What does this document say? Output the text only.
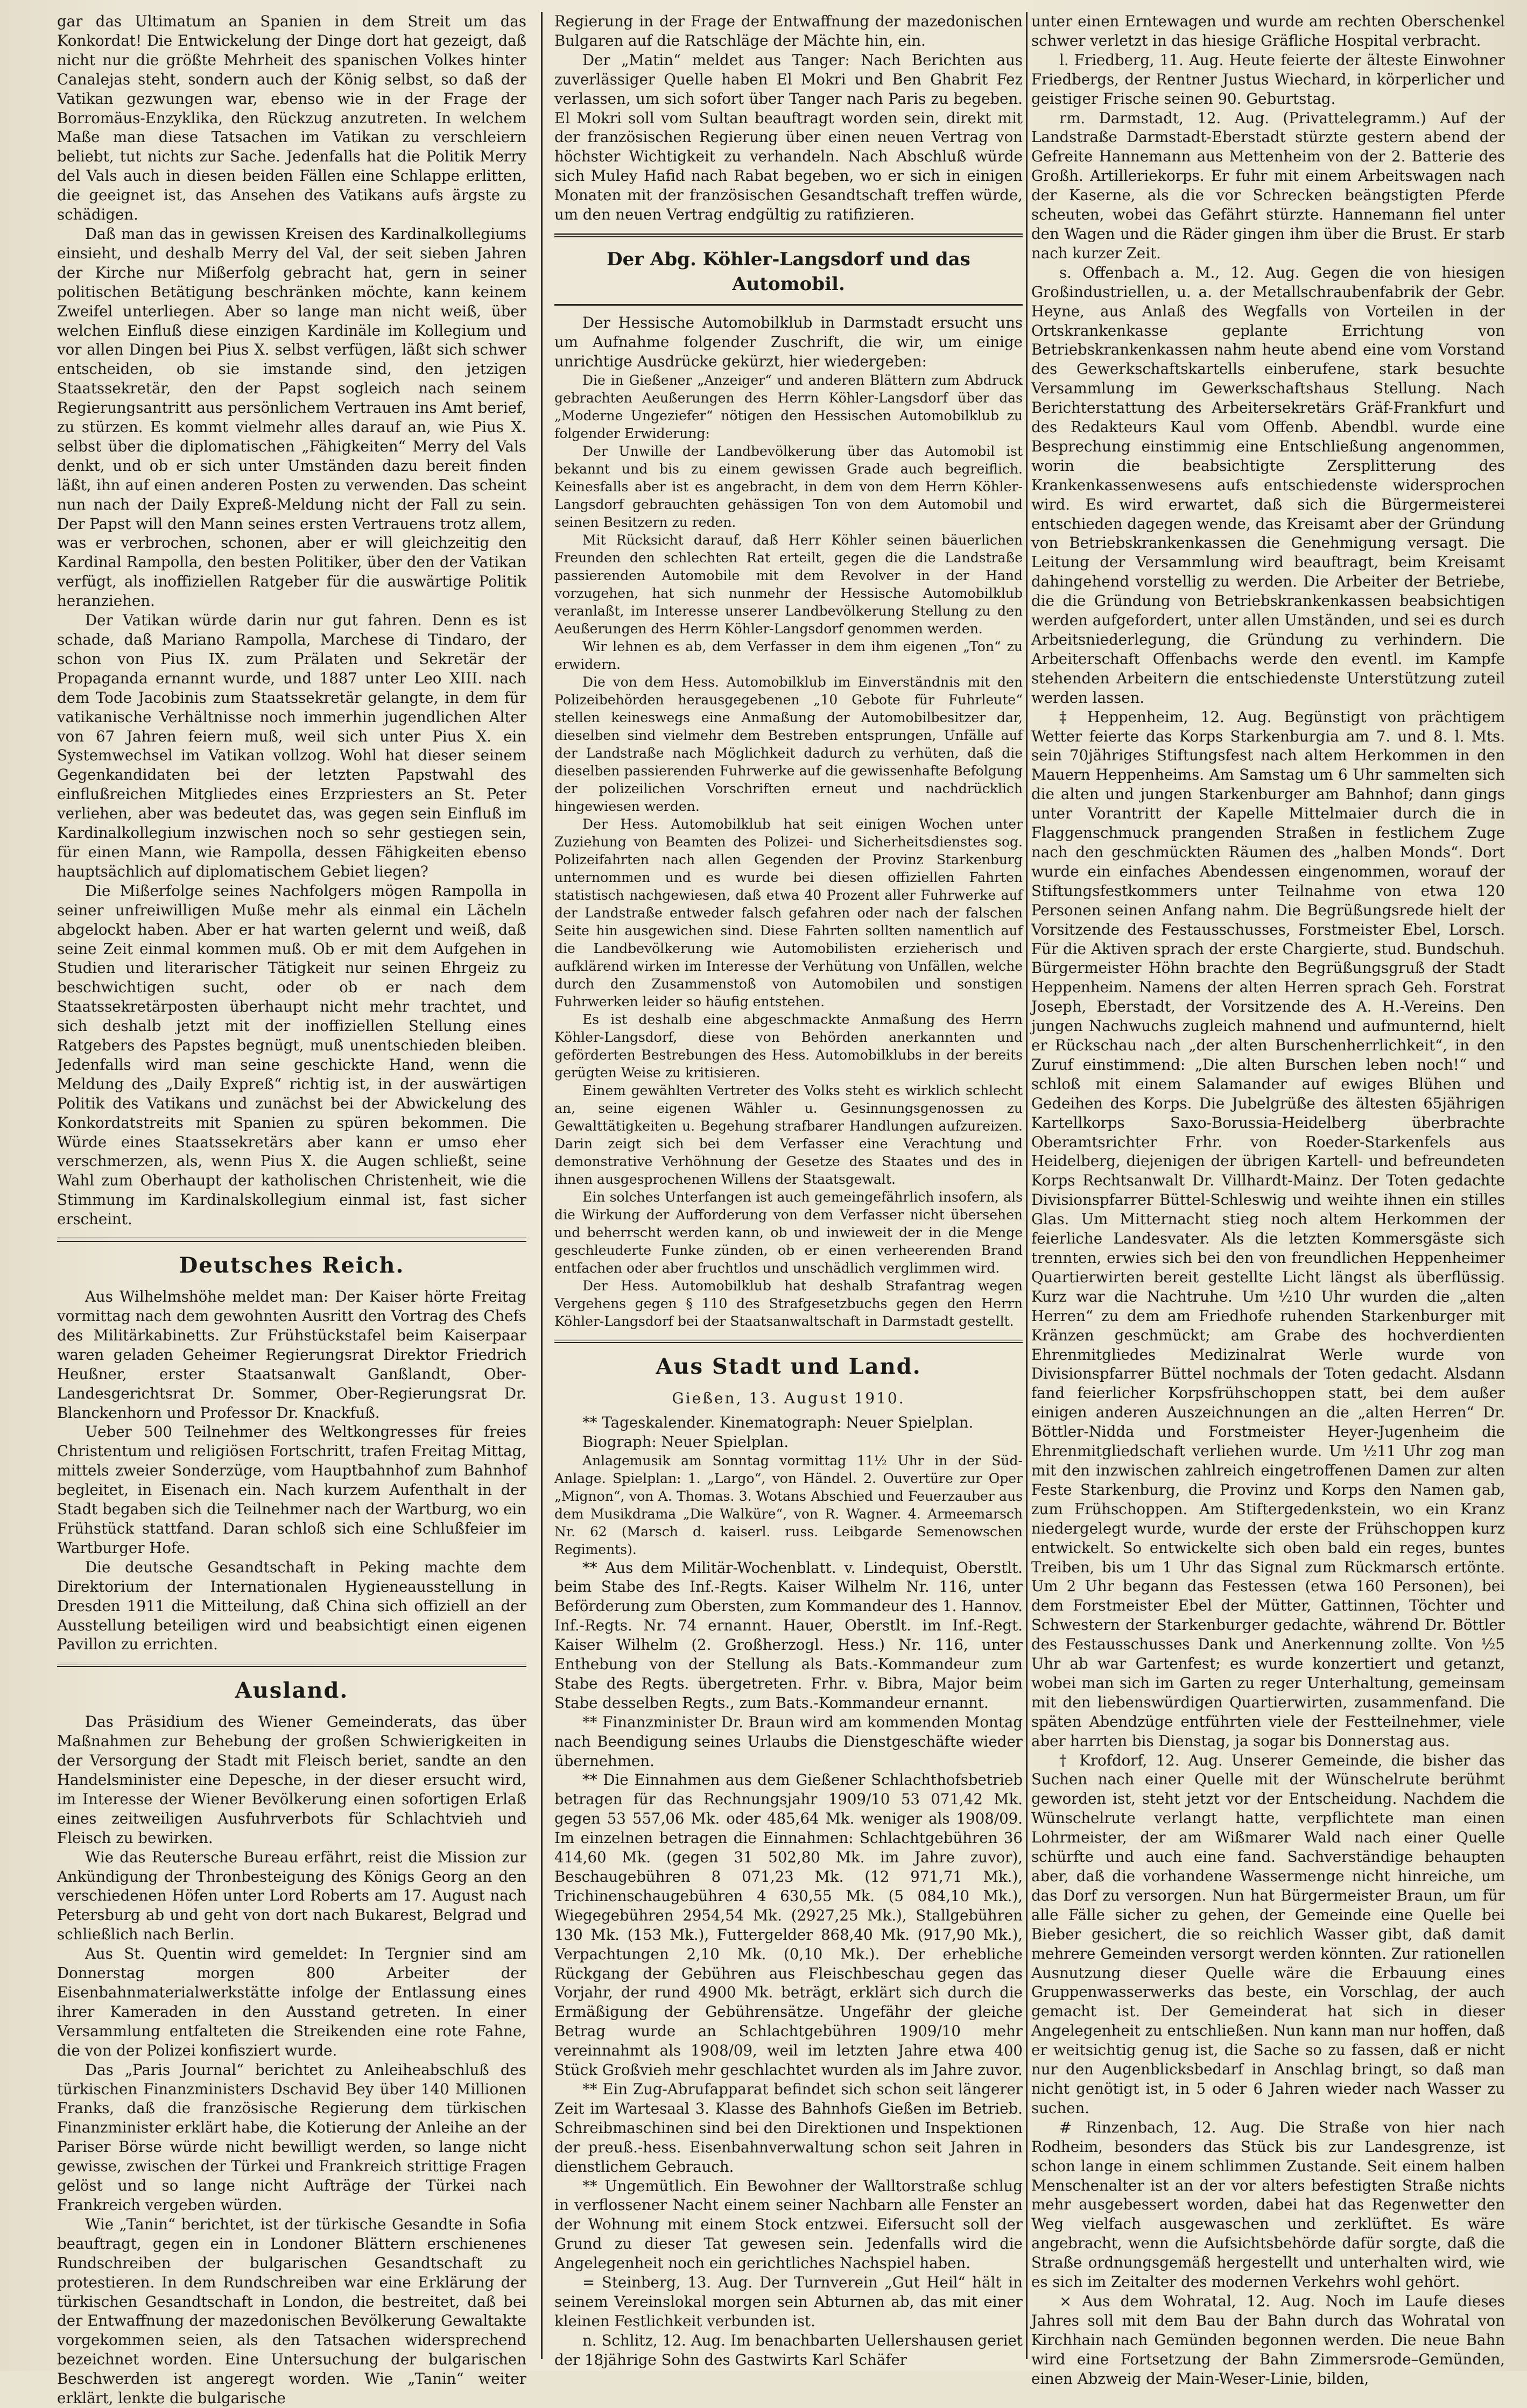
gar das Ultimatum an Spanien in dem Streit um das Konkordat! Die Entwickelung der Dinge dort hat gezeigt, daß nicht nur die größte Mehrheit des spanischen Volkes hinter Canalejas steht, sondern auch der König selbst, so daß der Vatikan gezwungen war, ebenso wie in der Frage der Borromäus-Enzyklika, den Rückzug anzutreten. In welchem Maße man diese Tatsachen im Vatikan zu verschleiern beliebt, tut nichts zur Sache. Jedenfalls hat die Politik Merry del Vals auch in diesen beiden Fällen eine Schlappe erlitten, die geeignet ist, das Ansehen des Vatikans aufs ärgste zu schädigen.

Daß man das in gewissen Kreisen des Kardinalkollegiums einsieht, und deshalb Merry del Val, der seit sieben Jahren der Kirche nur Mißerfolg gebracht hat, gern in seiner politischen Betätigung beschränken möchte, kann keinem Zweifel unterliegen. Aber so lange man nicht weiß, über welchen Einfluß diese einzigen Kardinäle im Kollegium und vor allen Dingen bei Pius X. selbst verfügen, läßt sich schwer entscheiden, ob sie imstande sind, den jetzigen Staatssekretär, den der Papst sogleich nach seinem Regierungsantritt aus persönlichem Vertrauen ins Amt berief, zu stürzen. Es kommt vielmehr alles darauf an, wie Pius X. selbst über die diplomatischen „Fähigkeiten“ Merry del Vals denkt, und ob er sich unter Umständen dazu bereit finden läßt, ihn auf einen anderen Posten zu verwenden. Das scheint nun nach der Daily Expreß-Meldung nicht der Fall zu sein. Der Papst will den Mann seines ersten Vertrauens trotz allem, was er verbrochen, schonen, aber er will gleichzeitig den Kardinal Rampolla, den besten Politiker, über den der Vatikan verfügt, als inoffiziellen Ratgeber für die auswärtige Politik heranziehen.

Der Vatikan würde darin nur gut fahren. Denn es ist schade, daß Mariano Rampolla, Marchese di Tindaro, der schon von Pius IX. zum Prälaten und Sekretär der Propaganda ernannt wurde, und 1887 unter Leo XIII. nach dem Tode Jacobinis zum Staatssekretär gelangte, in dem für vatikanische Verhältnisse noch immerhin jugendlichen Alter von 67 Jahren feiern muß, weil sich unter Pius X. ein Systemwechsel im Vatikan vollzog. Wohl hat dieser seinem Gegenkandidaten bei der letzten Papstwahl des einflußreichen Mitgliedes eines Erzpriesters an St. Peter verliehen, aber was bedeutet das, was gegen sein Einfluß im Kardinalkollegium inzwischen noch so sehr gestiegen sein, für einen Mann, wie Rampolla, dessen Fähigkeiten ebenso hauptsächlich auf diplomatischem Gebiet liegen?

Die Mißerfolge seines Nachfolgers mögen Rampolla in seiner unfreiwilligen Muße mehr als einmal ein Lächeln abgelockt haben. Aber er hat warten gelernt und weiß, daß seine Zeit einmal kommen muß. Ob er mit dem Aufgehen in Studien und literarischer Tätigkeit nur seinen Ehrgeiz zu beschwichtigen sucht, oder ob er nach dem Staatssekretärposten überhaupt nicht mehr trachtet, und sich deshalb jetzt mit der inoffiziellen Stellung eines Ratgebers des Papstes begnügt, muß unentschieden bleiben. Jedenfalls wird man seine geschickte Hand, wenn die Meldung des „Daily Expreß“ richtig ist, in der auswärtigen Politik des Vatikans und zunächst bei der Abwickelung des Konkordatstreits mit Spanien zu spüren bekommen. Die Würde eines Staatssekretärs aber kann er umso eher verschmerzen, als, wenn Pius X. die Augen schließt, seine Wahl zum Oberhaupt der katholischen Christenheit, wie die Stimmung im Kardinalskollegium einmal ist, fast sicher erscheint.

Deutsches Reich.

Aus Wilhelmshöhe meldet man: Der Kaiser hörte Freitag vormittag nach dem gewohnten Ausritt den Vortrag des Chefs des Militärkabinetts. Zur Frühstückstafel beim Kaiserpaar waren geladen Geheimer Regierungsrat Direktor Friedrich Heußner, erster Staatsanwalt Ganßlandt, Ober-Landesgerichtsrat Dr. Sommer, Ober-Regierungsrat Dr. Blanckenhorn und Professor Dr. Knackfuß.

Ueber 500 Teilnehmer des Weltkongresses für freies Christentum und religiösen Fortschritt, trafen Freitag Mittag, mittels zweier Sonderzüge, vom Hauptbahnhof zum Bahnhof begleitet, in Eisenach ein. Nach kurzem Aufenthalt in der Stadt begaben sich die Teilnehmer nach der Wartburg, wo ein Frühstück stattfand. Daran schloß sich eine Schlußfeier im Wartburger Hofe.

Die deutsche Gesandtschaft in Peking machte dem Direktorium der Internationalen Hygieneausstellung in Dresden 1911 die Mitteilung, daß China sich offiziell an der Ausstellung beteiligen wird und beabsichtigt einen eigenen Pavillon zu errichten.

Ausland.

Das Präsidium des Wiener Gemeinderats, das über Maßnahmen zur Behebung der großen Schwierigkeiten in der Versorgung der Stadt mit Fleisch beriet, sandte an den Handelsminister eine Depesche, in der dieser ersucht wird, im Interesse der Wiener Bevölkerung einen sofortigen Erlaß eines zeitweiligen Ausfuhrverbots für Schlachtvieh und Fleisch zu bewirken.

Wie das Reutersche Bureau erfährt, reist die Mission zur Ankündigung der Thronbesteigung des Königs Georg an den verschiedenen Höfen unter Lord Roberts am 17. August nach Petersburg ab und geht von dort nach Bukarest, Belgrad und schließlich nach Berlin.

Aus St. Quentin wird gemeldet: In Tergnier sind am Donnerstag morgen 800 Arbeiter der Eisenbahnmaterialwerkstätte infolge der Entlassung eines ihrer Kameraden in den Ausstand getreten. In einer Versammlung entfalteten die Streikenden eine rote Fahne, die von der Polizei konfisziert wurde.

Das „Paris Journal“ berichtet zu Anleiheabschluß des türkischen Finanzministers Dschavid Bey über 140 Millionen Franks, daß die französische Regierung dem türkischen Finanzminister erklärt habe, die Kotierung der Anleihe an der Pariser Börse würde nicht bewilligt werden, so lange nicht gewisse, zwischen der Türkei und Frankreich strittige Fragen gelöst und so lange nicht Aufträge der Türkei nach Frankreich vergeben würden.

Wie „Tanin“ berichtet, ist der türkische Gesandte in Sofia beauftragt, gegen ein in Londoner Blättern erschienenes Rundschreiben der bulgarischen Gesandtschaft zu protestieren. In dem Rundschreiben war eine Erklärung der türkischen Gesandtschaft in London, die bestreitet, daß bei der Entwaffnung der mazedonischen Bevölkerung Gewaltakte vorgekommen seien, als den Tatsachen widersprechend bezeichnet worden. Eine Untersuchung der bulgarischen Beschwerden ist angeregt worden. Wie „Tanin“ weiter erklärt, lenkte die bulgarische

Regierung in der Frage der Entwaffnung der mazedonischen Bulgaren auf die Ratschläge der Mächte hin, ein.

Der „Matin“ meldet aus Tanger: Nach Berichten aus zuverlässiger Quelle haben El Mokri und Ben Ghabrit Fez verlassen, um sich sofort über Tanger nach Paris zu begeben. El Mokri soll vom Sultan beauftragt worden sein, direkt mit der französischen Regierung über einen neuen Vertrag von höchster Wichtigkeit zu verhandeln. Nach Abschluß würde sich Muley Hafid nach Rabat begeben, wo er sich in einigen Monaten mit der französischen Gesandtschaft treffen würde, um den neuen Vertrag endgültig zu ratifizieren.

Der Abg. Köhler-Langsdorf und das Automobil.

Der Hessische Automobilklub in Darmstadt ersucht uns um Aufnahme folgender Zuschrift, die wir, um einige unrichtige Ausdrücke gekürzt, hier wiedergeben:

Die in Gießener „Anzeiger“ und anderen Blättern zum Abdruck gebrachten Aeußerungen des Herrn Köhler-Langsdorf über das „Moderne Ungeziefer“ nötigen den Hessischen Automobilklub zu folgender Erwiderung:

Der Unwille der Landbevölkerung über das Automobil ist bekannt und bis zu einem gewissen Grade auch begreiflich. Keinesfalls aber ist es angebracht, in dem von dem Herrn Köhler-Langsdorf gebrauchten gehässigen Ton von dem Automobil und seinen Besitzern zu reden.

Mit Rücksicht darauf, daß Herr Köhler seinen bäuerlichen Freunden den schlechten Rat erteilt, gegen die die Landstraße passierenden Automobile mit dem Revolver in der Hand vorzugehen, hat sich nunmehr der Hessische Automobilklub veranlaßt, im Interesse unserer Landbevölkerung Stellung zu den Aeußerungen des Herrn Köhler-Langsdorf genommen werden.

Wir lehnen es ab, dem Verfasser in dem ihm eigenen „Ton“ zu erwidern.

Die von dem Hess. Automobilklub im Einverständnis mit den Polizeibehörden herausgegebenen „10 Gebote für Fuhrleute“ stellen keineswegs eine Anmaßung der Automobilbesitzer dar, dieselben sind vielmehr dem Bestreben entsprungen, Unfälle auf der Landstraße nach Möglichkeit dadurch zu verhüten, daß die dieselben passierenden Fuhrwerke auf die gewissenhafte Befolgung der polizeilichen Vorschriften erneut und nachdrücklich hingewiesen werden.

Der Hess. Automobilklub hat seit einigen Wochen unter Zuziehung von Beamten des Polizei- und Sicherheitsdienstes sog. Polizeifahrten nach allen Gegenden der Provinz Starkenburg unternommen und es wurde bei diesen offiziellen Fahrten statistisch nachgewiesen, daß etwa 40 Prozent aller Fuhrwerke auf der Landstraße entweder falsch gefahren oder nach der falschen Seite hin ausgewichen sind. Diese Fahrten sollten namentlich auf die Landbevölkerung wie Automobilisten erzieherisch und aufklärend wirken im Interesse der Verhütung von Unfällen, welche durch den Zusammenstoß von Automobilen und sonstigen Fuhrwerken leider so häufig entstehen.

Es ist deshalb eine abgeschmackte Anmaßung des Herrn Köhler-Langsdorf, diese von Behörden anerkannten und geförderten Bestrebungen des Hess. Automobilklubs in der bereits gerügten Weise zu kritisieren.

Einem gewählten Vertreter des Volks steht es wirklich schlecht an, seine eigenen Wähler u. Gesinnungsgenossen zu Gewalttätigkeiten u. Begehung strafbarer Handlungen aufzureizen. Darin zeigt sich bei dem Verfasser eine Verachtung und demonstrative Verhöhnung der Gesetze des Staates und des in ihnen ausgesprochenen Willens der Staatsgewalt.

Ein solches Unterfangen ist auch gemeingefährlich insofern, als die Wirkung der Aufforderung von dem Verfasser nicht übersehen und beherrscht werden kann, ob und inwieweit der in die Menge geschleuderte Funke zünden, ob er einen verheerenden Brand entfachen oder aber fruchtlos und unschädlich verglimmen wird.

Der Hess. Automobilklub hat deshalb Strafantrag wegen Vergehens gegen § 110 des Strafgesetzbuchs gegen den Herrn Köhler-Langsdorf bei der Staatsanwaltschaft in Darmstadt gestellt.

Aus Stadt und Land.
Gießen, 13. August 1910.

** Tageskalender. Kinematograph: Neuer Spielplan.

Biograph: Neuer Spielplan.

Anlagemusik am Sonntag vormittag 11½ Uhr in der Süd-Anlage. Spielplan: 1. „Largo“, von Händel. 2. Ouvertüre zur Oper „Mignon“, von A. Thomas. 3. Wotans Abschied und Feuerzauber aus dem Musikdrama „Die Walküre“, von R. Wagner. 4. Armeemarsch Nr. 62 (Marsch d. kaiserl. russ. Leibgarde Semenowschen Regiments).

** Aus dem Militär-Wochenblatt. v. Lindequist, Oberstlt. beim Stabe des Inf.-Regts. Kaiser Wilhelm Nr. 116, unter Beförderung zum Obersten, zum Kommandeur des 1. Hannov. Inf.-Regts. Nr. 74 ernannt. Hauer, Oberstlt. im Inf.-Regt. Kaiser Wilhelm (2. Großherzogl. Hess.) Nr. 116, unter Enthebung von der Stellung als Bats.-Kommandeur zum Stabe des Regts. übergetreten. Frhr. v. Bibra, Major beim Stabe desselben Regts., zum Bats.-Kommandeur ernannt.

** Finanzminister Dr. Braun wird am kommenden Montag nach Beendigung seines Urlaubs die Dienstgeschäfte wieder übernehmen.

** Die Einnahmen aus dem Gießener Schlachthofsbetrieb betragen für das Rechnungsjahr 1909/10 53 071,42 Mk. gegen 53 557,06 Mk. oder 485,64 Mk. weniger als 1908/09. Im einzelnen betragen die Einnahmen: Schlachtgebühren 36 414,60 Mk. (gegen 31 502,80 Mk. im Jahre zuvor), Beschaugebühren 8 071,23 Mk. (12 971,71 Mk.), Trichinenschaugebühren 4 630,55 Mk. (5 084,10 Mk.), Wiegegebühren 2954,54 Mk. (2927,25 Mk.), Stallgebühren 130 Mk. (153 Mk.), Futtergelder 868,40 Mk. (917,90 Mk.), Verpachtungen 2,10 Mk. (0,10 Mk.). Der erhebliche Rückgang der Gebühren aus Fleischbeschau gegen das Vorjahr, der rund 4900 Mk. beträgt, erklärt sich durch die Ermäßigung der Gebührensätze. Ungefähr der gleiche Betrag wurde an Schlachtgebühren 1909/10 mehr vereinnahmt als 1908/09, weil im letzten Jahre etwa 400 Stück Großvieh mehr geschlachtet wurden als im Jahre zuvor.

** Ein Zug-Abrufapparat befindet sich schon seit längerer Zeit im Wartesaal 3. Klasse des Bahnhofs Gießen im Betrieb. Schreibmaschinen sind bei den Direktionen und Inspektionen der preuß.-hess. Eisenbahnverwaltung schon seit Jahren in dienstlichem Gebrauch.

** Ungemütlich. Ein Bewohner der Walltorstraße schlug in verflossener Nacht einem seiner Nachbarn alle Fenster an der Wohnung mit einem Stock entzwei. Eifersucht soll der Grund zu dieser Tat gewesen sein. Jedenfalls wird die Angelegenheit noch ein gerichtliches Nachspiel haben.

= Steinberg, 13. Aug. Der Turnverein „Gut Heil“ hält in seinem Vereinslokal morgen sein Abturnen ab, das mit einer kleinen Festlichkeit verbunden ist.

n. Schlitz, 12. Aug. Im benachbarten Uellershausen geriet der 18jährige Sohn des Gastwirts Karl Schäfer

unter einen Erntewagen und wurde am rechten Oberschenkel schwer verletzt in das hiesige Gräfliche Hospital verbracht.

l. Friedberg, 11. Aug. Heute feierte der älteste Einwohner Friedbergs, der Rentner Justus Wiechard, in körperlicher und geistiger Frische seinen 90. Geburtstag.

rm. Darmstadt, 12. Aug. (Privattelegramm.) Auf der Landstraße Darmstadt-Eberstadt stürzte gestern abend der Gefreite Hannemann aus Mettenheim von der 2. Batterie des Großh. Artilleriekorps. Er fuhr mit einem Arbeitswagen nach der Kaserne, als die vor Schrecken beängstigten Pferde scheuten, wobei das Gefährt stürzte. Hannemann fiel unter den Wagen und die Räder gingen ihm über die Brust. Er starb nach kurzer Zeit.

s. Offenbach a. M., 12. Aug. Gegen die von hiesigen Großindustriellen, u. a. der Metallschraubenfabrik der Gebr. Heyne, aus Anlaß des Wegfalls von Vorteilen in der Ortskrankenkasse geplante Errichtung von Betriebskrankenkassen nahm heute abend eine vom Vorstand des Gewerkschaftskartells einberufene, stark besuchte Versammlung im Gewerkschaftshaus Stellung. Nach Berichterstattung des Arbeitersekretärs Gräf-Frankfurt und des Redakteurs Kaul vom Offenb. Abendbl. wurde eine Besprechung einstimmig eine Entschließung angenommen, worin die beabsichtigte Zersplitterung des Krankenkassenwesens aufs entschiedenste widersprochen wird. Es wird erwartet, daß sich die Bürgermeisterei entschieden dagegen wende, das Kreisamt aber der Gründung von Betriebskrankenkassen die Genehmigung versagt. Die Leitung der Versammlung wird beauftragt, beim Kreisamt dahingehend vorstellig zu werden. Die Arbeiter der Betriebe, die die Gründung von Betriebskrankenkassen beabsichtigen werden aufgefordert, unter allen Umständen, und sei es durch Arbeitsniederlegung, die Gründung zu verhindern. Die Arbeiterschaft Offenbachs werde den eventl. im Kampfe stehenden Arbeitern die entschiedenste Unterstützung zuteil werden lassen.

‡ Heppenheim, 12. Aug. Begünstigt von prächtigem Wetter feierte das Korps Starkenburgia am 7. und 8. l. Mts. sein 70jähriges Stiftungsfest nach altem Herkommen in den Mauern Heppenheims. Am Samstag um 6 Uhr sammelten sich die alten und jungen Starkenburger am Bahnhof; dann gings unter Vorantritt der Kapelle Mittelmaier durch die in Flaggenschmuck prangenden Straßen in festlichem Zuge nach den geschmückten Räumen des „halben Monds“. Dort wurde ein einfaches Abendessen eingenommen, worauf der Stiftungsfestkommers unter Teilnahme von etwa 120 Personen seinen Anfang nahm. Die Begrüßungsrede hielt der Vorsitzende des Festausschusses, Forstmeister Ebel, Lorsch. Für die Aktiven sprach der erste Chargierte, stud. Bundschuh. Bürgermeister Höhn brachte den Begrüßungsgruß der Stadt Heppenheim. Namens der alten Herren sprach Geh. Forstrat Joseph, Eberstadt, der Vorsitzende des A. H.-Vereins. Den jungen Nachwuchs zugleich mahnend und aufmunternd, hielt er Rückschau nach „der alten Burschenherrlichkeit“, in den Zuruf einstimmend: „Die alten Burschen leben noch!“ und schloß mit einem Salamander auf ewiges Blühen und Gedeihen des Korps. Die Jubelgrüße des ältesten 65jährigen Kartellkorps Saxo-Borussia-Heidelberg überbrachte Oberamtsrichter Frhr. von Roeder-Starkenfels aus Heidelberg, diejenigen der übrigen Kartell- und befreundeten Korps Rechtsanwalt Dr. Villhardt-Mainz. Der Toten gedachte Divisionspfarrer Büttel-Schleswig und weihte ihnen ein stilles Glas. Um Mitternacht stieg noch altem Herkommen der feierliche Landesvater. Als die letzten Kommersgäste sich trennten, erwies sich bei den von freundlichen Heppenheimer Quartierwirten bereit gestellte Licht längst als überflüssig. Kurz war die Nachtruhe. Um ½10 Uhr wurden die „alten Herren“ zu dem am Friedhofe ruhenden Starkenburger mit Kränzen geschmückt; am Grabe des hochverdienten Ehrenmitgliedes Medizinalrat Werle wurde von Divisionspfarrer Büttel nochmals der Toten gedacht. Alsdann fand feierlicher Korpsfrühschoppen statt, bei dem außer einigen anderen Auszeichnungen an die „alten Herren“ Dr. Böttler-Nidda und Forstmeister Heyer-Jugenheim die Ehrenmitgliedschaft verliehen wurde. Um ½11 Uhr zog man mit den inzwischen zahlreich eingetroffenen Damen zur alten Feste Starkenburg, die Provinz und Korps den Namen gab, zum Frühschoppen. Am Stiftergedenkstein, wo ein Kranz niedergelegt wurde, wurde der erste der Frühschoppen kurz entwickelt. So entwickelte sich oben bald ein reges, buntes Treiben, bis um 1 Uhr das Signal zum Rückmarsch ertönte. Um 2 Uhr begann das Festessen (etwa 160 Personen), bei dem Forstmeister Ebel der Mütter, Gattinnen, Töchter und Schwestern der Starkenburger gedachte, während Dr. Böttler des Festausschusses Dank und Anerkennung zollte. Von ½5 Uhr ab war Gartenfest; es wurde konzertiert und getanzt, wobei man sich im Garten zu reger Unterhaltung, gemeinsam mit den liebenswürdigen Quartierwirten, zusammenfand. Die späten Abendzüge entführten viele der Festteilnehmer, viele aber harrten bis Dienstag, ja sogar bis Donnerstag aus.

† Krofdorf, 12. Aug. Unserer Gemeinde, die bisher das Suchen nach einer Quelle mit der Wünschelrute berühmt geworden ist, steht jetzt vor der Entscheidung. Nachdem die Wünschelrute verlangt hatte, verpflichtete man einen Lohrmeister, der am Wißmarer Wald nach einer Quelle schürfte und auch eine fand. Sachverständige behaupten aber, daß die vorhandene Wassermenge nicht hinreiche, um das Dorf zu versorgen. Nun hat Bürgermeister Braun, um für alle Fälle sicher zu gehen, der Gemeinde eine Quelle bei Bieber gesichert, die so reichlich Wasser gibt, daß damit mehrere Gemeinden versorgt werden könnten. Zur rationellen Ausnutzung dieser Quelle wäre die Erbauung eines Gruppenwasserwerks das beste, ein Vorschlag, der auch gemacht ist. Der Gemeinderat hat sich in dieser Angelegenheit zu entschließen. Nun kann man nur hoffen, daß er weitsichtig genug ist, die Sache so zu fassen, daß er nicht nur den Augenblicksbedarf in Anschlag bringt, so daß man nicht genötigt ist, in 5 oder 6 Jahren wieder nach Wasser zu suchen.

# Rinzenbach, 12. Aug. Die Straße von hier nach Rodheim, besonders das Stück bis zur Landesgrenze, ist schon lange in einem schlimmen Zustande. Seit einem halben Menschenalter ist an der vor alters befestigten Straße nichts mehr ausgebessert worden, dabei hat das Regenwetter den Weg vielfach ausgewaschen und zerklüftet. Es wäre angebracht, wenn die Aufsichtsbehörde dafür sorgte, daß die Straße ordnungsgemäß hergestellt und unterhalten wird, wie es sich im Zeitalter des modernen Verkehrs wohl gehört.

× Aus dem Wohratal, 12. Aug. Noch im Laufe dieses Jahres soll mit dem Bau der Bahn durch das Wohratal von Kirchhain nach Gemünden begonnen werden. Die neue Bahn wird eine Fortsetzung der Bahn Zimmersrode–Gemünden, einen Abzweig der Main-Weser-Linie, bilden,
